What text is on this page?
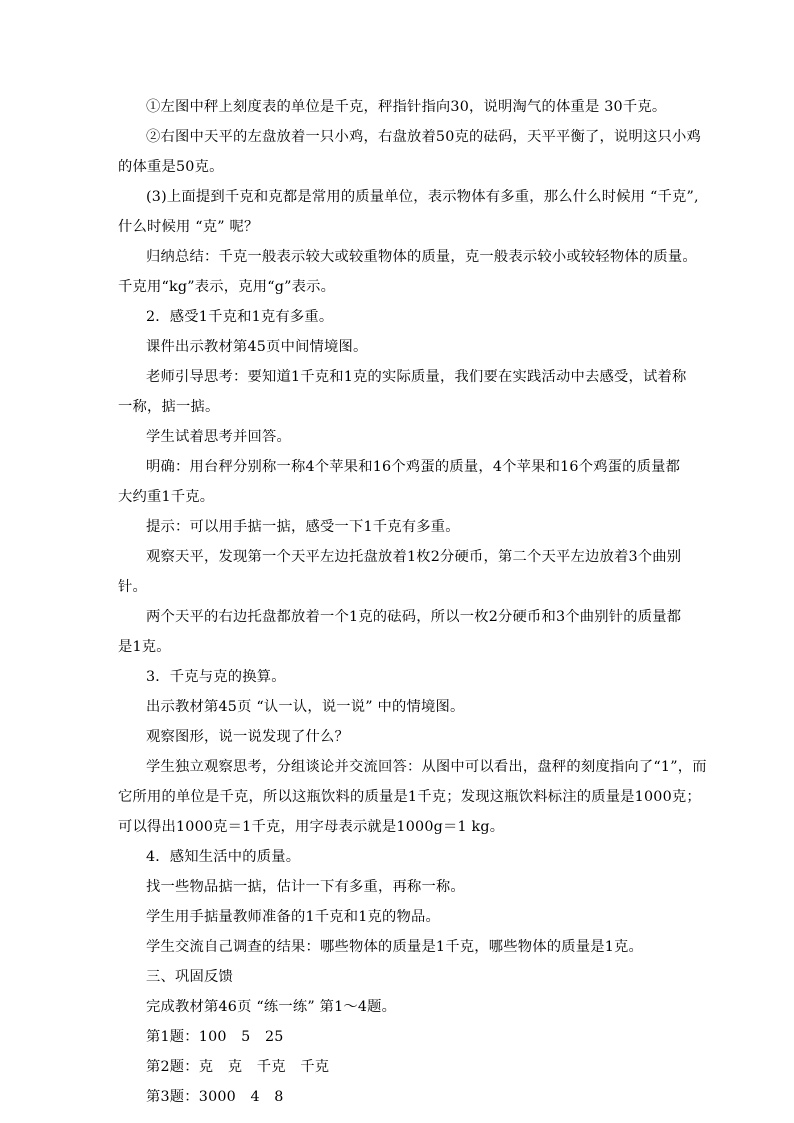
①左图中秤上刻度表的单位是千克，秤指针指向30，说明淘气的体重是 30千克。
②右图中天平的左盘放着一只小鸡，右盘放着50克的砝码，天平平衡了，说明这只小鸡
的体重是50克。
(3)上面提到千克和克都是常用的质量单位，表示物体有多重，那么什么时候用 “千克”,
什么时候用 “克” 呢？
归纳总结：千克一般表示较大或较重物体的质量，克一般表示较小或较轻物体的质量。
千克用“kg”表示，克用“g”表示。
2．感受1千克和1克有多重。
课件出示教材第45页中间情境图。
老师引导思考：要知道1千克和1克的实际质量，我们要在实践活动中去感受，试着称
一称，掂一掂。
学生试着思考并回答。
明确：用台秤分别称一称4个苹果和16个鸡蛋的质量，4个苹果和16个鸡蛋的质量都
大约重1千克。
提示：可以用手掂一掂，感受一下1千克有多重。
观察天平，发现第一个天平左边托盘放着1枚2分硬币，第二个天平左边放着3个曲别
针。
两个天平的右边托盘都放着一个1克的砝码，所以一枚2分硬币和3个曲别针的质量都
是1克。
3．千克与克的换算。
出示教材第45页 “认一认，说一说” 中的情境图。
观察图形，说一说发现了什么？
学生独立观察思考，分组谈论并交流回答：从图中可以看出，盘秤的刻度指向了“1”，而
它所用的单位是千克，所以这瓶饮料的质量是1千克；发现这瓶饮料标注的质量是1000克；
可以得出1000克＝1千克，用字母表示就是1000g＝1 kg。
4．感知生活中的质量。
找一些物品掂一掂，估计一下有多重，再称一称。
学生用手掂量教师准备的1千克和1克的物品。
学生交流自己调查的结果：哪些物体的质量是1千克，哪些物体的质量是1克。
三、巩固反馈
完成教材第46页 “练一练” 第1～4题。
第1题：100　5　25
第2题：克　克　千克　千克
第3题：3000　4　8
